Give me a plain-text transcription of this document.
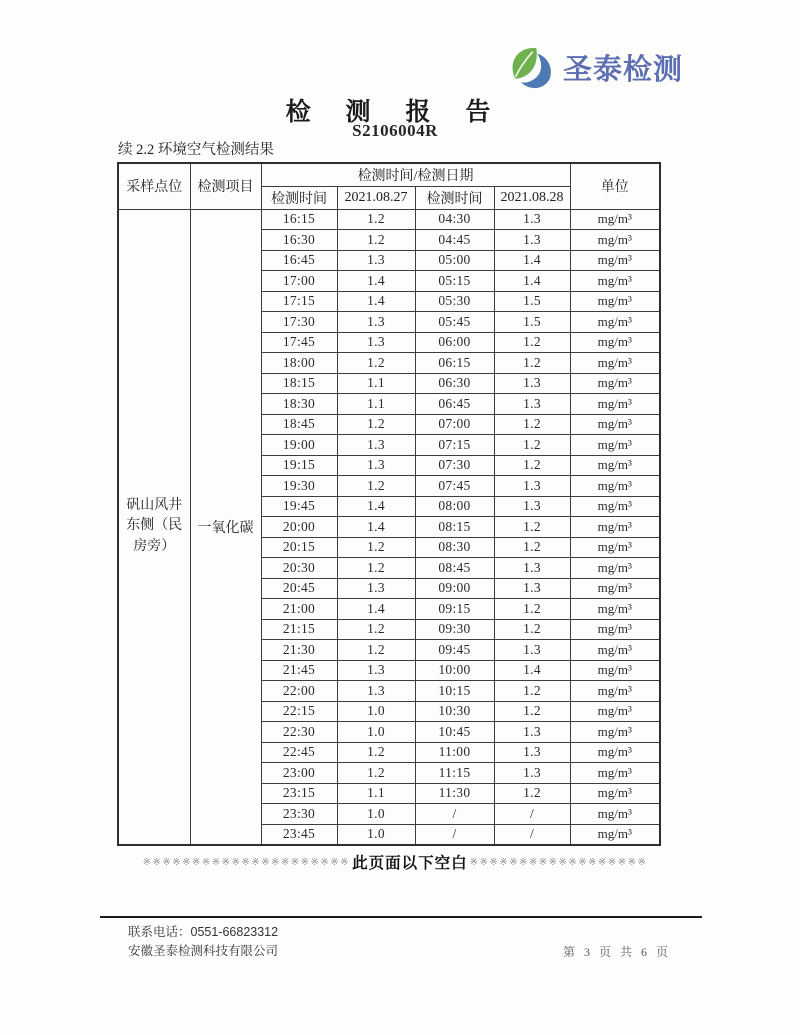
圣泰检测
检 测 报 告
S2106004R
续 2.2 环境空气检测结果
采样点位	检测项目	检测时间/检测日期				单位
		检测时间	2021.08.27	检测时间	2021.08.28	
矾山风井东侧（民房旁）	一氧化碳	16:15	1.2	04:30	1.3	mg/m³
		16:30	1.2	04:45	1.3	mg/m³
		16:45	1.3	05:00	1.4	mg/m³
		17:00	1.4	05:15	1.4	mg/m³
		17:15	1.4	05:30	1.5	mg/m³
		17:30	1.3	05:45	1.5	mg/m³
		17:45	1.3	06:00	1.2	mg/m³
		18:00	1.2	06:15	1.2	mg/m³
		18:15	1.1	06:30	1.3	mg/m³
		18:30	1.1	06:45	1.3	mg/m³
		18:45	1.2	07:00	1.2	mg/m³
		19:00	1.3	07:15	1.2	mg/m³
		19:15	1.3	07:30	1.2	mg/m³
		19:30	1.2	07:45	1.3	mg/m³
		19:45	1.4	08:00	1.3	mg/m³
		20:00	1.4	08:15	1.2	mg/m³
		20:15	1.2	08:30	1.2	mg/m³
		20:30	1.2	08:45	1.3	mg/m³
		20:45	1.3	09:00	1.3	mg/m³
		21:00	1.4	09:15	1.2	mg/m³
		21:15	1.2	09:30	1.2	mg/m³
		21:30	1.2	09:45	1.3	mg/m³
		21:45	1.3	10:00	1.4	mg/m³
		22:00	1.3	10:15	1.2	mg/m³
		22:15	1.0	10:30	1.2	mg/m³
		22:30	1.0	10:45	1.3	mg/m³
		22:45	1.2	11:00	1.3	mg/m³
		23:00	1.2	11:15	1.3	mg/m³
		23:15	1.1	11:30	1.2	mg/m³
		23:30	1.0	/	/	mg/m³
		23:45	1.0	/	/	mg/m³
※※※※※※※※※※※※※※※※※※※※※ 此页面以下空白 ※※※※※※※※※※※※※※※※※※
联系电话：0551-66823312
安徽圣泰检测科技有限公司	第 3 页 共 6 页
